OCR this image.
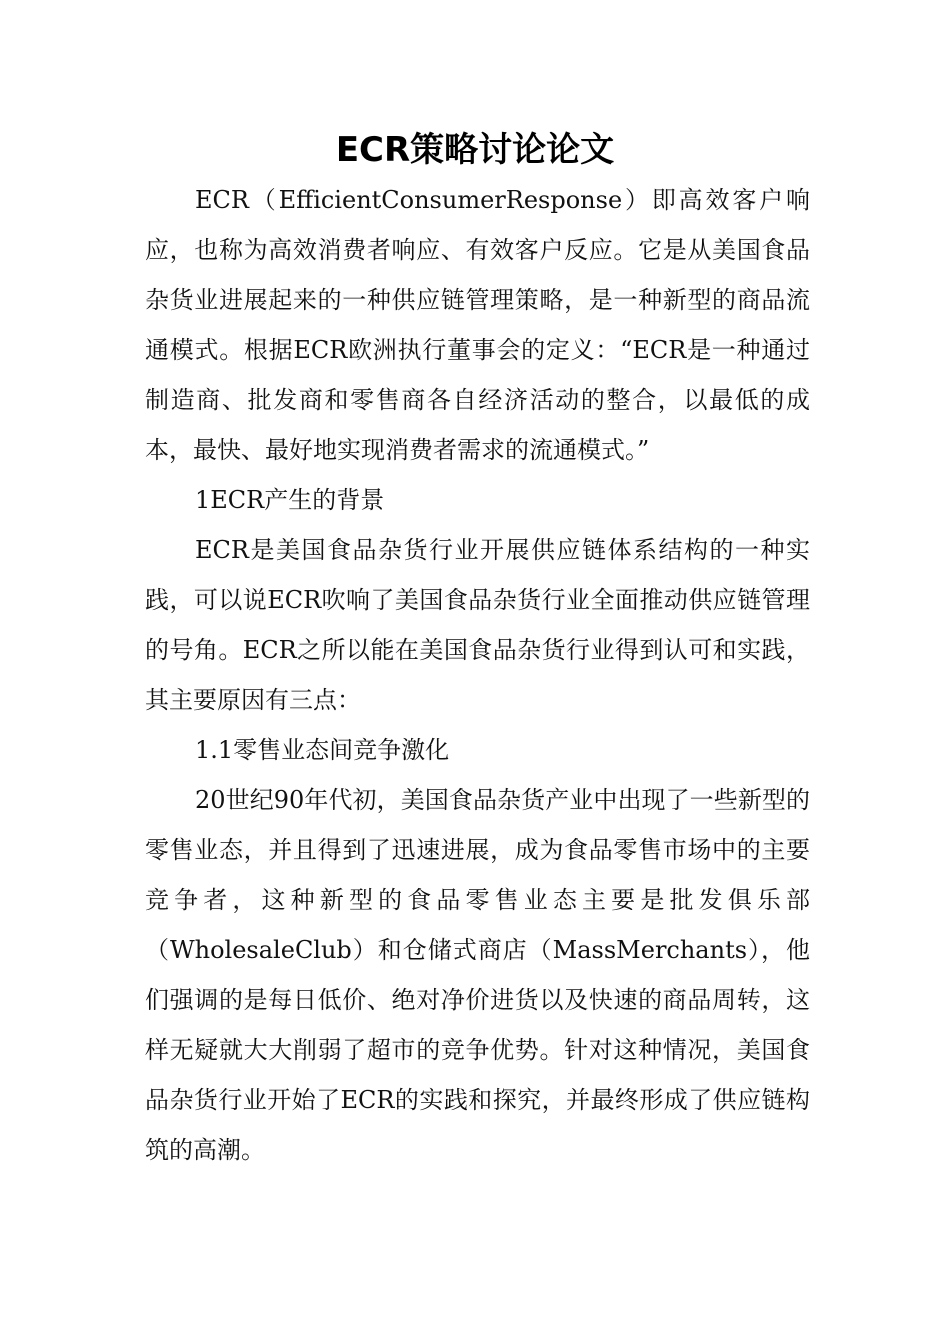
ECR策略讨论论文

ECR（EfficientConsumerResponse）即高效客户响应，也称为高效消费者响应、有效客户反应。它是从美国食品杂货业进展起来的一种供应链管理策略，是一种新型的商品流通模式。根据ECR欧洲执行董事会的定义：“ECR是一种通过制造商、批发商和零售商各自经济活动的整合，以最低的成本，最快、最好地实现消费者需求的流通模式。”

1ECR产生的背景

ECR是美国食品杂货行业开展供应链体系结构的一种实践，可以说ECR吹响了美国食品杂货行业全面推动供应链管理的号角。ECR之所以能在美国食品杂货行业得到认可和实践，其主要原因有三点：

1.1零售业态间竞争激化

20世纪90年代初，美国食品杂货产业中出现了一些新型的零售业态，并且得到了迅速进展，成为食品零售市场中的主要竞争者，这种新型的食品零售业态主要是批发俱乐部（WholesaleClub）和仓储式商店（MassMerchants），他们强调的是每日低价、绝对净价进货以及快速的商品周转，这样无疑就大大削弱了超市的竞争优势。针对这种情况，美国食品杂货行业开始了ECR的实践和探究，并最终形成了供应链构筑的高潮。
